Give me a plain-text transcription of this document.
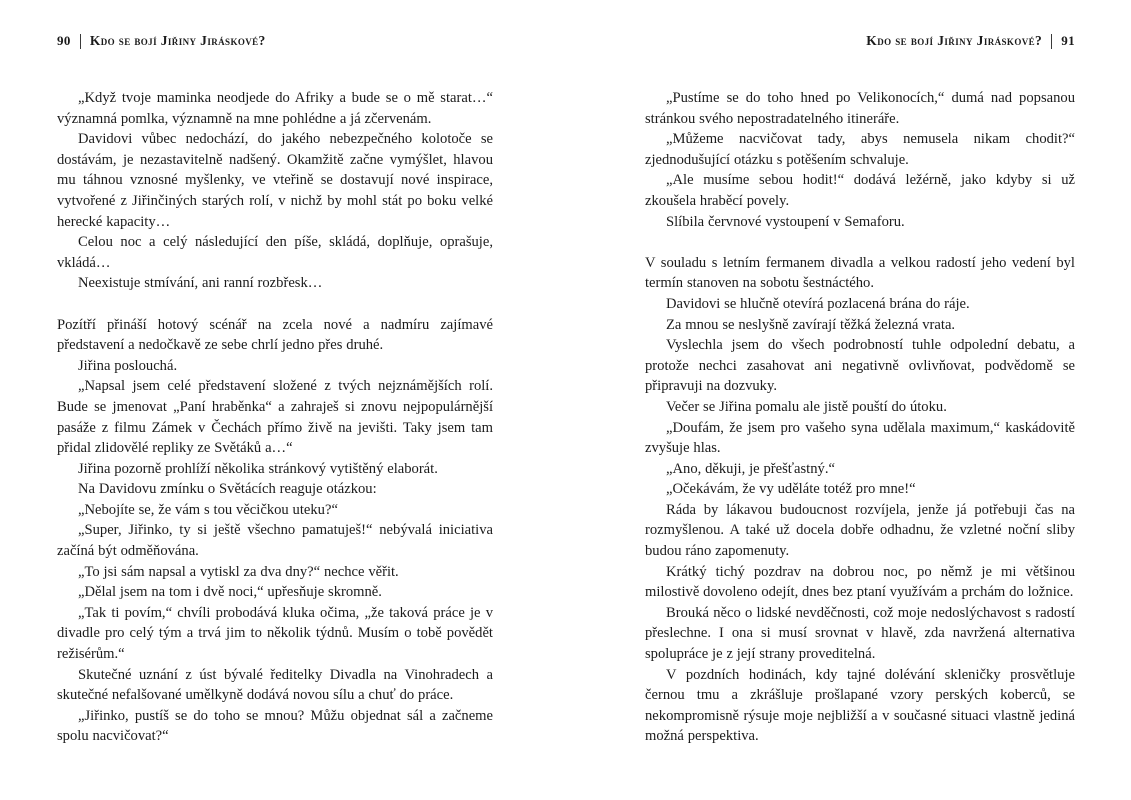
90 Kdo se bojí Jiřiny Jiráskové?

„Když tvoje maminka neodjede do Afriky a bude se o mě starat…“ významná pomlka, významně na mne pohlédne a já zčervenám.

Davidovi vůbec nedochází, do jakého nebezpečného kolotoče se dostávám, je nezastavitelně nadšený. Okamžitě začne vymýšlet, hlavou mu táhnou vznosné myšlenky, ve vteřině se dostavují nové inspirace, vytvořené z Jiřinčiných starých rolí, v nichž by mohl stát po boku velké herecké kapacity…

Celou noc a celý následující den píše, skládá, doplňuje, oprašuje, vkládá…

Neexistuje stmívání, ani ranní rozbřesk…

Pozítří přináší hotový scénář na zcela nové a nadmíru zajímavé představení a nedočkavě ze sebe chrlí jedno přes druhé.

Jiřina poslouchá.

„Napsal jsem celé představení složené z tvých nejznámějších rolí. Bude se jmenovat „Paní hraběnka“ a zahraješ si znovu nejpopulárnější pasáže z filmu Zámek v Čechách přímo živě na jevišti. Taky jsem tam přidal zlidovělé repliky ze Světáků a…“

Jiřina pozorně prohlíží několika stránkový vytištěný elaborát.

Na Davidovu zmínku o Světácích reaguje otázkou:

„Nebojíte se, že vám s tou věcičkou uteku?“

„Super, Jiřinko, ty si ještě všechno pamatuješ!“ nebývalá iniciativa začíná být odměňována.

„To jsi sám napsal a vytiskl za dva dny?“ nechce věřit.

„Dělal jsem na tom i dvě noci,“ upřesňuje skromně.

„Tak ti povím,“ chvíli probodává kluka očima, „že taková práce je v divadle pro celý tým a trvá jim to několik týdnů. Musím o tobě povědět režisérům.“

Skutečné uznání z úst bývalé ředitelky Divadla na Vinohradech a skutečné nefalšované umělkyně dodává novou sílu a chuť do práce.

„Jiřinko, pustíš se do toho se mnou? Můžu objednat sál a začneme spolu nacvičovat?“

Kdo se bojí Jiřiny Jiráskové? 91

„Pustíme se do toho hned po Velikonocích,“ dumá nad popsanou stránkou svého nepostradatelného itineráře.

„Můžeme nacvičovat tady, abys nemusela nikam chodit?“ zjednodušující otázku s potěšením schvaluje.

„Ale musíme sebou hodit!“ dodává ležérně, jako kdyby si už zkoušela hraběcí povely.

Slíbila červnové vystoupení v Semaforu.

V souladu s letním fermanem divadla a velkou radostí jeho vedení byl termín stanoven na sobotu šestnáctého.

Davidovi se hlučně otevírá pozlacená brána do ráje.

Za mnou se neslyšně zavírají těžká železná vrata.

Vyslechla jsem do všech podrobností tuhle odpolední debatu, a protože nechci zasahovat ani negativně ovlivňovat, podvědomě se připravuji na dozvuky.

Večer se Jiřina pomalu ale jistě pouští do útoku.

„Doufám, že jsem pro vašeho syna udělala maximum,“ kaskádovitě zvyšuje hlas.

„Ano, děkuji, je přešťastný.“

„Očekávám, že vy uděláte totéž pro mne!“

Ráda by lákavou budoucnost rozvíjela, jenže já potřebuji čas na rozmyšlenou. A také už docela dobře odhadnu, že vzletné noční sliby budou ráno zapomenuty.

Krátký tichý pozdrav na dobrou noc, po němž je mi většinou milostivě dovoleno odejít, dnes bez ptaní využívám a prchám do ložnice.

Brouká něco o lidské nevděčnosti, což moje nedoslýchavost s radostí přeslechne. I ona si musí srovnat v hlavě, zda navržená alternativa spolupráce je z její strany proveditelná.

V pozdních hodinách, kdy tajné dolévání skleničky prosvětluje černou tmu a zkrášluje prošlapané vzory perských koberců, se nekompromisně rýsuje moje nejbližší a v současné situaci vlastně jediná možná perspektiva.
